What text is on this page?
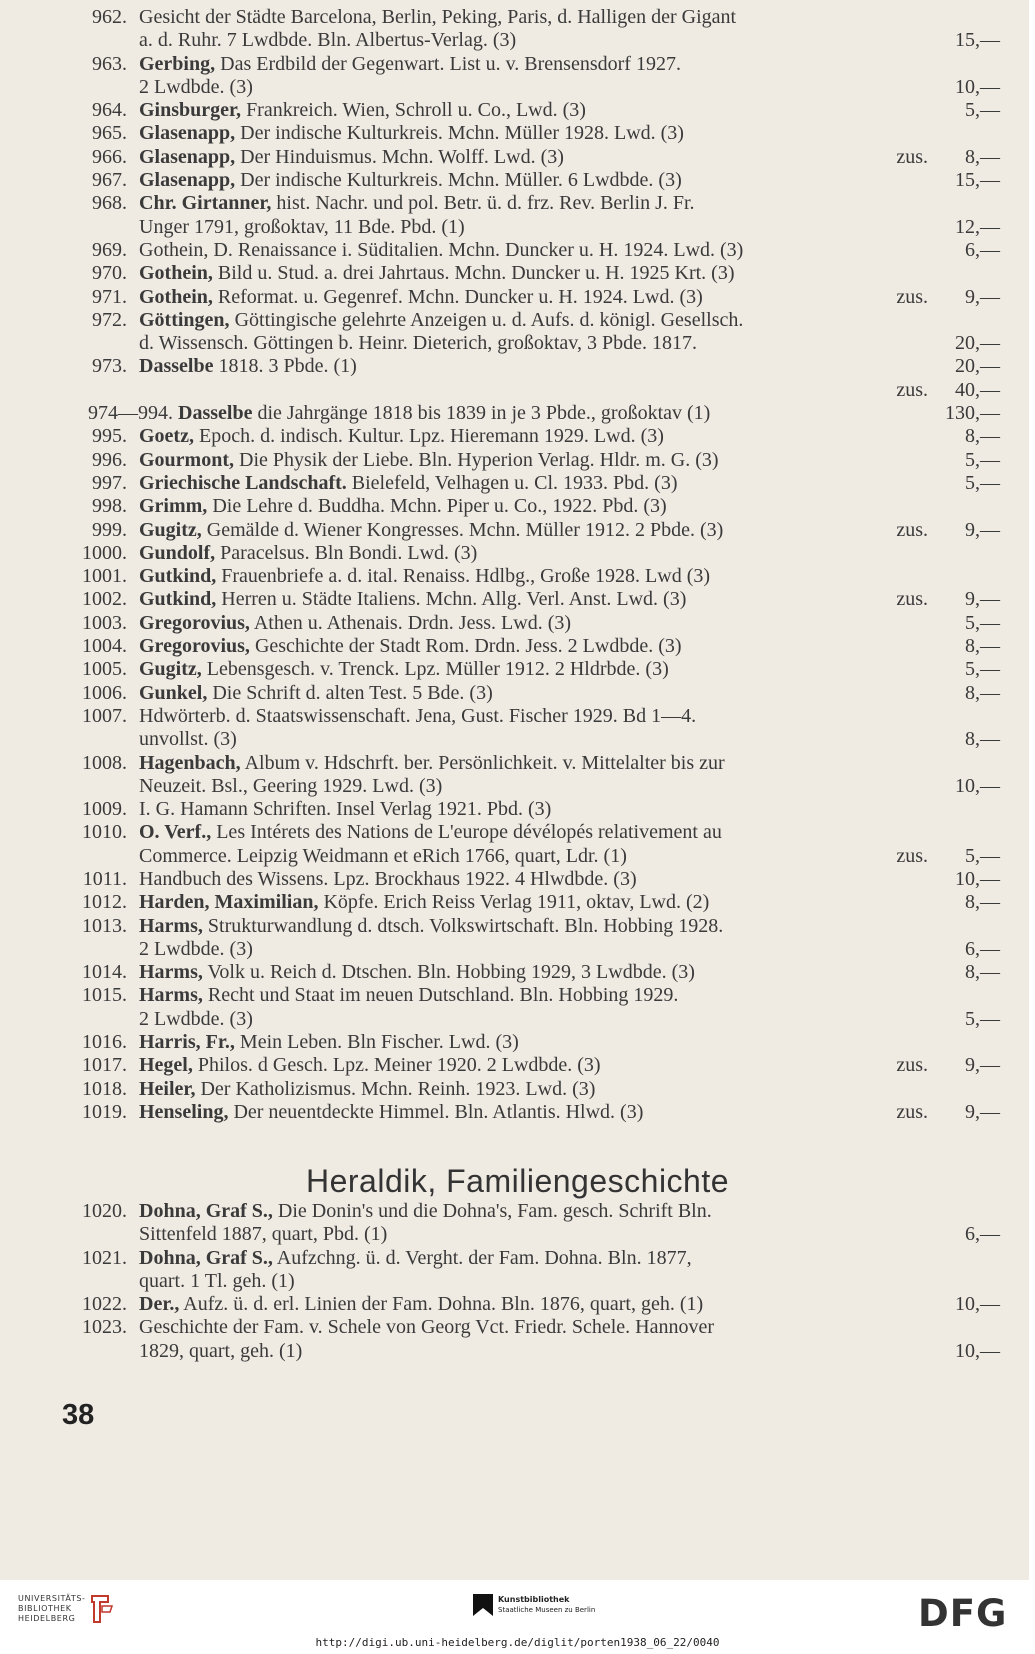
962. Gesicht der Städte Barcelona, Berlin, Peking, Paris, d. Halligen der Gigant
a. d. Ruhr. 7 Lwdbde. Bln. Albertus-Verlag. (3)	15,—
963. Gerbing, Das Erdbild der Gegenwart. List u. v. Brensensdorf 1927.
2 Lwdbde. (3)	10,—
964. Ginsburger, Frankreich. Wien, Schroll u. Co., Lwd. (3)	5,—
965. Glasenapp, Der indische Kulturkreis. Mchn. Müller 1928. Lwd. (3)
966. Glasenapp, Der Hinduismus. Mchn. Wolff. Lwd. (3)	zus.	8,—
967. Glasenapp, Der indische Kulturkreis. Mchn. Müller. 6 Lwdbde. (3)	15,—
968. Chr. Girtanner, hist. Nachr. und pol. Betr. ü. d. frz. Rev. Berlin J. Fr.
Unger 1791, großoktav, 11 Bde. Pbd. (1)	12,—
969. Gothein, D. Renaissance i. Süditalien. Mchn. Duncker u. H. 1924. Lwd. (3)	6,—
970. Gothein, Bild u. Stud. a. drei Jahrtaus. Mchn. Duncker u. H. 1925 Krt. (3)
971. Gothein, Reformat. u. Gegenref. Mchn. Duncker u. H. 1924. Lwd. (3)	zus.	9,—
972. Göttingen, Göttingische gelehrte Anzeigen u. d. Aufs. d. königl. Gesellsch.
d. Wissensch. Göttingen b. Heinr. Dieterich, großoktav, 3 Pbde. 1817.	20,—
973. Dasselbe 1818. 3 Pbde. (1)	20,—
zus.	40,—
974—994. Dasselbe die Jahrgänge 1818 bis 1839 in je 3 Pbde., großoktav (1)	130,—
995. Goetz, Epoch. d. indisch. Kultur. Lpz. Hieremann 1929. Lwd. (3)	8,—
996. Gourmont, Die Physik der Liebe. Bln. Hyperion Verlag. Hldr. m. G. (3)	5,—
997. Griechische Landschaft. Bielefeld, Velhagen u. Cl. 1933. Pbd. (3)	5,—
998. Grimm, Die Lehre d. Buddha. Mchn. Piper u. Co., 1922. Pbd. (3)
999. Gugitz, Gemälde d. Wiener Kongresses. Mchn. Müller 1912. 2 Pbde. (3)	zus.	9,—
1000. Gundolf, Paracelsus. Bln Bondi. Lwd. (3)
1001. Gutkind, Frauenbriefe a. d. ital. Renaiss. Hdlbg., Große 1928. Lwd (3)
1002. Gutkind, Herren u. Städte Italiens. Mchn. Allg. Verl. Anst. Lwd. (3)	zus.	9,—
1003. Gregorovius, Athen u. Athenais. Drdn. Jess. Lwd. (3)	5,—
1004. Gregorovius, Geschichte der Stadt Rom. Drdn. Jess. 2 Lwdbde. (3)	8,—
1005. Gugitz, Lebensgesch. v. Trenck. Lpz. Müller 1912. 2 Hldrbde. (3)	5,—
1006. Gunkel, Die Schrift d. alten Test. 5 Bde. (3)	8,—
1007. Hdwörterb. d. Staatswissenschaft. Jena, Gust. Fischer 1929. Bd 1—4.
unvollst. (3)	8,—
1008. Hagenbach, Album v. Hdschrft. ber. Persönlichkeit. v. Mittelalter bis zur
Neuzeit. Bsl., Geering 1929. Lwd. (3)	10,—
1009. I. G. Hamann Schriften. Insel Verlag 1921. Pbd. (3)
1010. O. Verf., Les Intérets des Nations de L'europe dévélopés relativement au
Commerce. Leipzig Weidmann et eRich 1766, quart, Ldr. (1)	zus.	5,—
1011. Handbuch des Wissens. Lpz. Brockhaus 1922. 4 Hlwdbde. (3)	10,—
1012. Harden, Maximilian, Köpfe. Erich Reiss Verlag 1911, oktav, Lwd. (2)	8,—
1013. Harms, Strukturwandlung d. dtsch. Volkswirtschaft. Bln. Hobbing 1928.
2 Lwdbde. (3)	6,—
1014. Harms, Volk u. Reich d. Dtschen. Bln. Hobbing 1929, 3 Lwdbde. (3)	8,—
1015. Harms, Recht und Staat im neuen Dutschland. Bln. Hobbing 1929.
2 Lwdbde. (3)	5,—
1016. Harris, Fr., Mein Leben. Bln Fischer. Lwd. (3)
1017. Hegel, Philos. d Gesch. Lpz. Meiner 1920. 2 Lwdbde. (3)	zus.	9,—
1018. Heiler, Der Katholizismus. Mchn. Reinh. 1923. Lwd. (3)
1019. Henseling, Der neuentdeckte Himmel. Bln. Atlantis. Hlwd. (3)	zus.	9,—
Heraldik, Familiengeschichte
1020. Dohna, Graf S., Die Donin's und die Dohna's, Fam. gesch. Schrift Bln.
Sittenfeld 1887, quart, Pbd. (1)	6,—
1021. Dohna, Graf S., Aufzchng. ü. d. Verght. der Fam. Dohna. Bln. 1877,
quart. 1 Tl. geh. (1)
1022. Der., Aufz. ü. d. erl. Linien der Fam. Dohna. Bln. 1876, quart, geh. (1)	10,—
1023. Geschichte der Fam. v. Schele von Georg Vct. Friedr. Schele. Hannover
1829, quart, geh. (1)	10,—
38
UNIVERSITÄTS-
BIBLIOTHEK
HEIDELBERG
Kunstbibliothek
Staatliche Museen zu Berlin	DFG
http://digi.ub.uni-heidelberg.de/diglit/porten1938_06_22/0040
